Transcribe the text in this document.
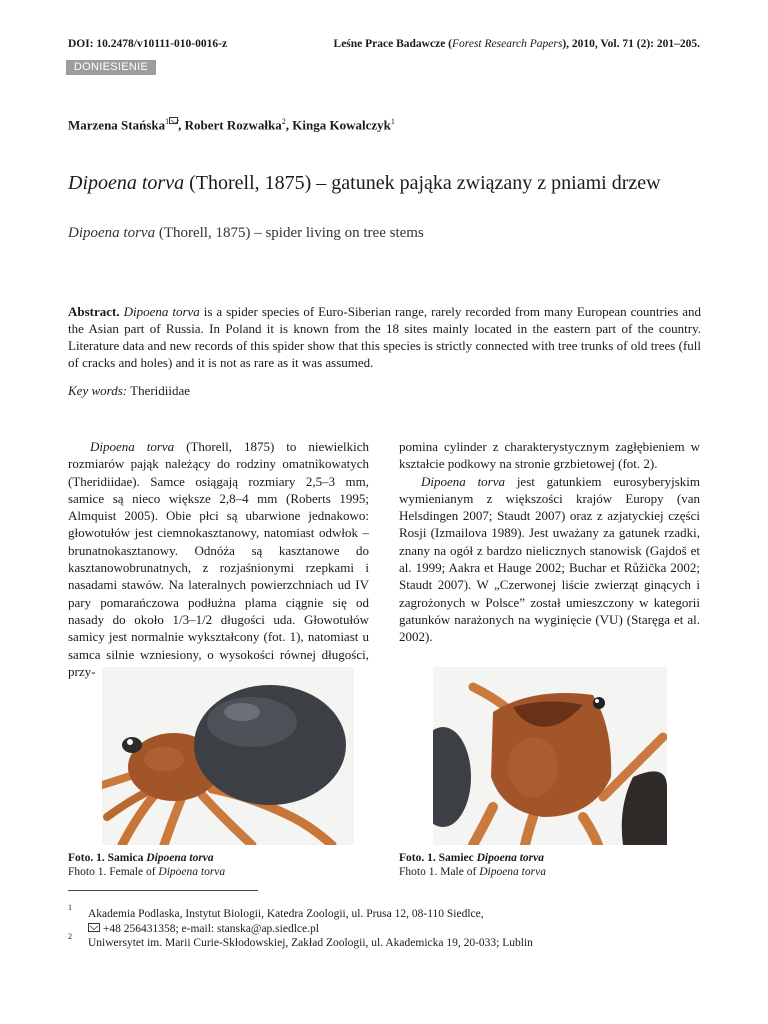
DOI: 10.2478/v10111-010-0016-z	Leśne Prace Badawcze (Forest Research Papers), 2010, Vol. 71 (2): 201–205.
DONIESIENIE
Marzena Stańska$^1$ , Robert Rozwałka$^2$, Kinga Kowalczyk$^1$
Dipoena torva (Thorell, 1875) – gatunek pająka związany z pniami drzew
Dipoena torva (Thorell, 1875) – spider living on tree stems
Abstract. Dipoena torva is a spider species of Euro-Siberian range, rarely recorded from many European countries and the Asian part of Russia. In Poland it is known from the 18 sites mainly located in the eastern part of the country. Literature data and new records of this spider show that this species is strictly connected with tree trunks of old trees (full of cracks and holes) and it is not as rare as it was assumed.
Key words: Theridiidae

Dipoena torva (Thorell, 1875) to niewielkich rozmiarów pająk należący do rodziny omatnikowatych (Theridiidae). Samce osiągają rozmiary 2,5–3 mm, samice są nieco większe 2,8–4 mm (Roberts 1995; Almquist 2005). Obie płci są ubarwione jednakowo: głowotułów jest ciemnokasztanowy, natomiast odwłok – brunatnokasztanowy. Odnóża są kasztanowe do kasztanowobrunatnych, z rozjaśnionymi rzepkami i nasadami stawów. Na lateralnych powierzchniach ud IV pary pomarańczowa podłużna plama ciągnie się od nasady do około 1/3–1/2 długości uda. Głowotułów samicy jest normalnie wykształcony (fot. 1), natomiast u samca silnie wzniesiony, o wysokości równej długości, przy-

pomina cylinder z charakterystycznym zagłębieniem w kształcie podkowy na stronie grzbietowej (fot. 2).

Dipoena torva jest gatunkiem eurosyberyjskim wymienianym z większości krajów Europy (van Helsdingen 2007; Staudt 2007) oraz z azjatyckiej części Rosji (Izmailova 1989). Jest uważany za gatunek rzadki, znany na ogół z bardzo nielicznych stanowisk (Gajdoš et al. 1999; Aakra et Hauge 2002; Buchar et Růžička 2002; Staudt 2007). W „Czerwonej liście zwierząt ginących i zagrożonych w Polsce” został umieszczony w kategorii gatunków narażonych na wyginięcie (VU) (Staręga et al. 2002).

Foto. 1. Samica Dipoena torva
Fhoto 1. Female of Dipoena torva
Foto. 1. Samiec Dipoena torva
Fhoto 1. Male of Dipoena torva
1
Akademia Podlaska, Instytut Biologii, Katedra Zoologii, ul. Prusa 12, 08-110 Siedlce,
+48 256431358; e-mail: stanska@ap.siedlce.pl
2
Uniwersytet im. Marii Curie-Skłodowskiej, Zakład Zoologii, ul. Akademicka 19, 20-033; Lublin
